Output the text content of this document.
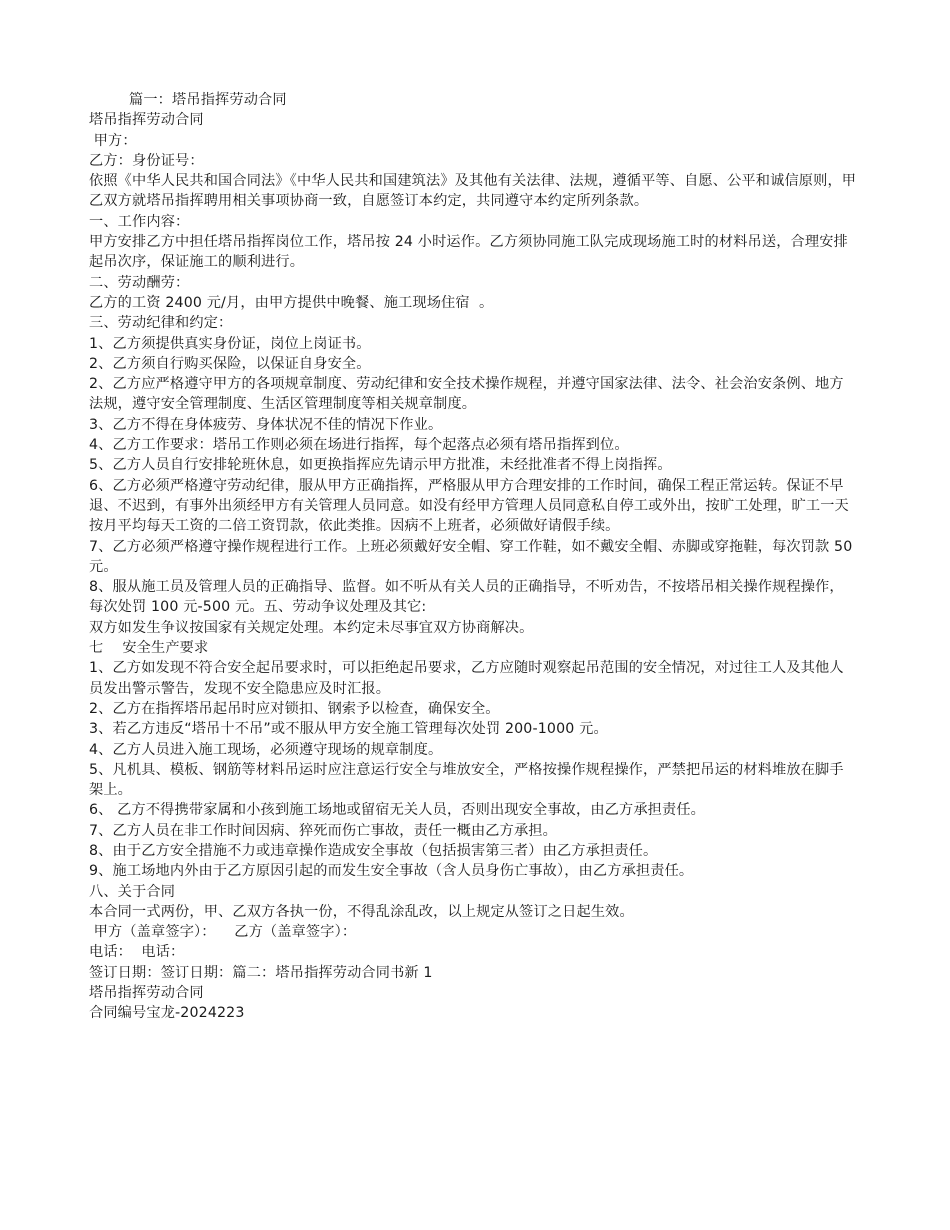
篇一：塔吊指挥劳动合同

塔吊指挥劳动合同

甲方：

乙方：身份证号：

依照《中华人民共和国合同法》《中华人民共和国建筑法》及其他有关法律、法规，遵循平等、自愿、公平和诚信原则，甲乙双方就塔吊指挥聘用相关事项协商一致，自愿签订本约定，共同遵守本约定所列条款。

一、工作内容：

甲方安排乙方中担任塔吊指挥岗位工作，塔吊按 24 小时运作。乙方须协同施工队完成现场施工时的材料吊送，合理安排起吊次序，保证施工的顺利进行。

二、劳动酬劳：

乙方的工资 2400 元/月，由甲方提供中晚餐、施工现场住宿  。

三、劳动纪律和约定：

1、乙方须提供真实身份证，岗位上岗证书。

2、乙方须自行购买保险，以保证自身安全。

2、乙方应严格遵守甲方的各项规章制度、劳动纪律和安全技术操作规程，并遵守国家法律、法令、社会治安条例、地方法规，遵守安全管理制度、生活区管理制度等相关规章制度。

3、乙方不得在身体疲劳、身体状况不佳的情况下作业。

4、乙方工作要求：塔吊工作则必须在场进行指挥，每个起落点必须有塔吊指挥到位。

5、乙方人员自行安排轮班休息，如更换指挥应先请示甲方批准，未经批准者不得上岗指挥。

6、乙方必须严格遵守劳动纪律，服从甲方正确指挥，严格服从甲方合理安排的工作时间，确保工程正常运转。保证不早退、不迟到，有事外出须经甲方有关管理人员同意。如没有经甲方管理人员同意私自停工或外出，按旷工处理，旷工一天按月平均每天工资的二倍工资罚款，依此类推。因病不上班者，必须做好请假手续。

7、乙方必须严格遵守操作规程进行工作。上班必须戴好安全帽、穿工作鞋，如不戴安全帽、赤脚或穿拖鞋，每次罚款 50 元。

8、服从施工员及管理人员的正确指导、监督。如不听从有关人员的正确指导，不听劝告，不按塔吊相关操作规程操作，每次处罚 100 元-500 元。五、劳动争议处理及其它:

双方如发生争议按国家有关规定处理。本约定未尽事宜双方协商解决。

七　 安全生产要求

1、乙方如发现不符合安全起吊要求时，可以拒绝起吊要求，乙方应随时观察起吊范围的安全情况，对过往工人及其他人员发出警示警告，发现不安全隐患应及时汇报。

2、乙方在指挥塔吊起吊时应对锁扣、钢索予以检查，确保安全。

3、若乙方违反“塔吊十不吊”或不服从甲方安全施工管理每次处罚 200-1000 元。

4、乙方人员进入施工现场，必须遵守现场的规章制度。

5、凡机具、模板、钢筋等材料吊运时应注意运行安全与堆放安全，严格按操作规程操作，严禁把吊运的材料堆放在脚手架上。

6、 乙方不得携带家属和小孩到施工场地或留宿无关人员，否则出现安全事故，由乙方承担责任。

7、乙方人员在非工作时间因病、猝死而伤亡事故，责任一概由乙方承担。

8、由于乙方安全措施不力或违章操作造成安全事故（包括损害第三者）由乙方承担责任。

9、施工场地内外由于乙方原因引起的而发生安全事故（含人员身伤亡事故），由乙方承担责任。

八、关于合同

本合同一式两份，甲、乙双方各执一份，不得乱涂乱改，以上规定从签订之日起生效。

甲方（盖章签字）：    乙方（盖章签字）：

电话：  电话：

签订日期：签订日期：篇二：塔吊指挥劳动合同书新 1

塔吊指挥劳动合同

合同编号宝龙-2024223
